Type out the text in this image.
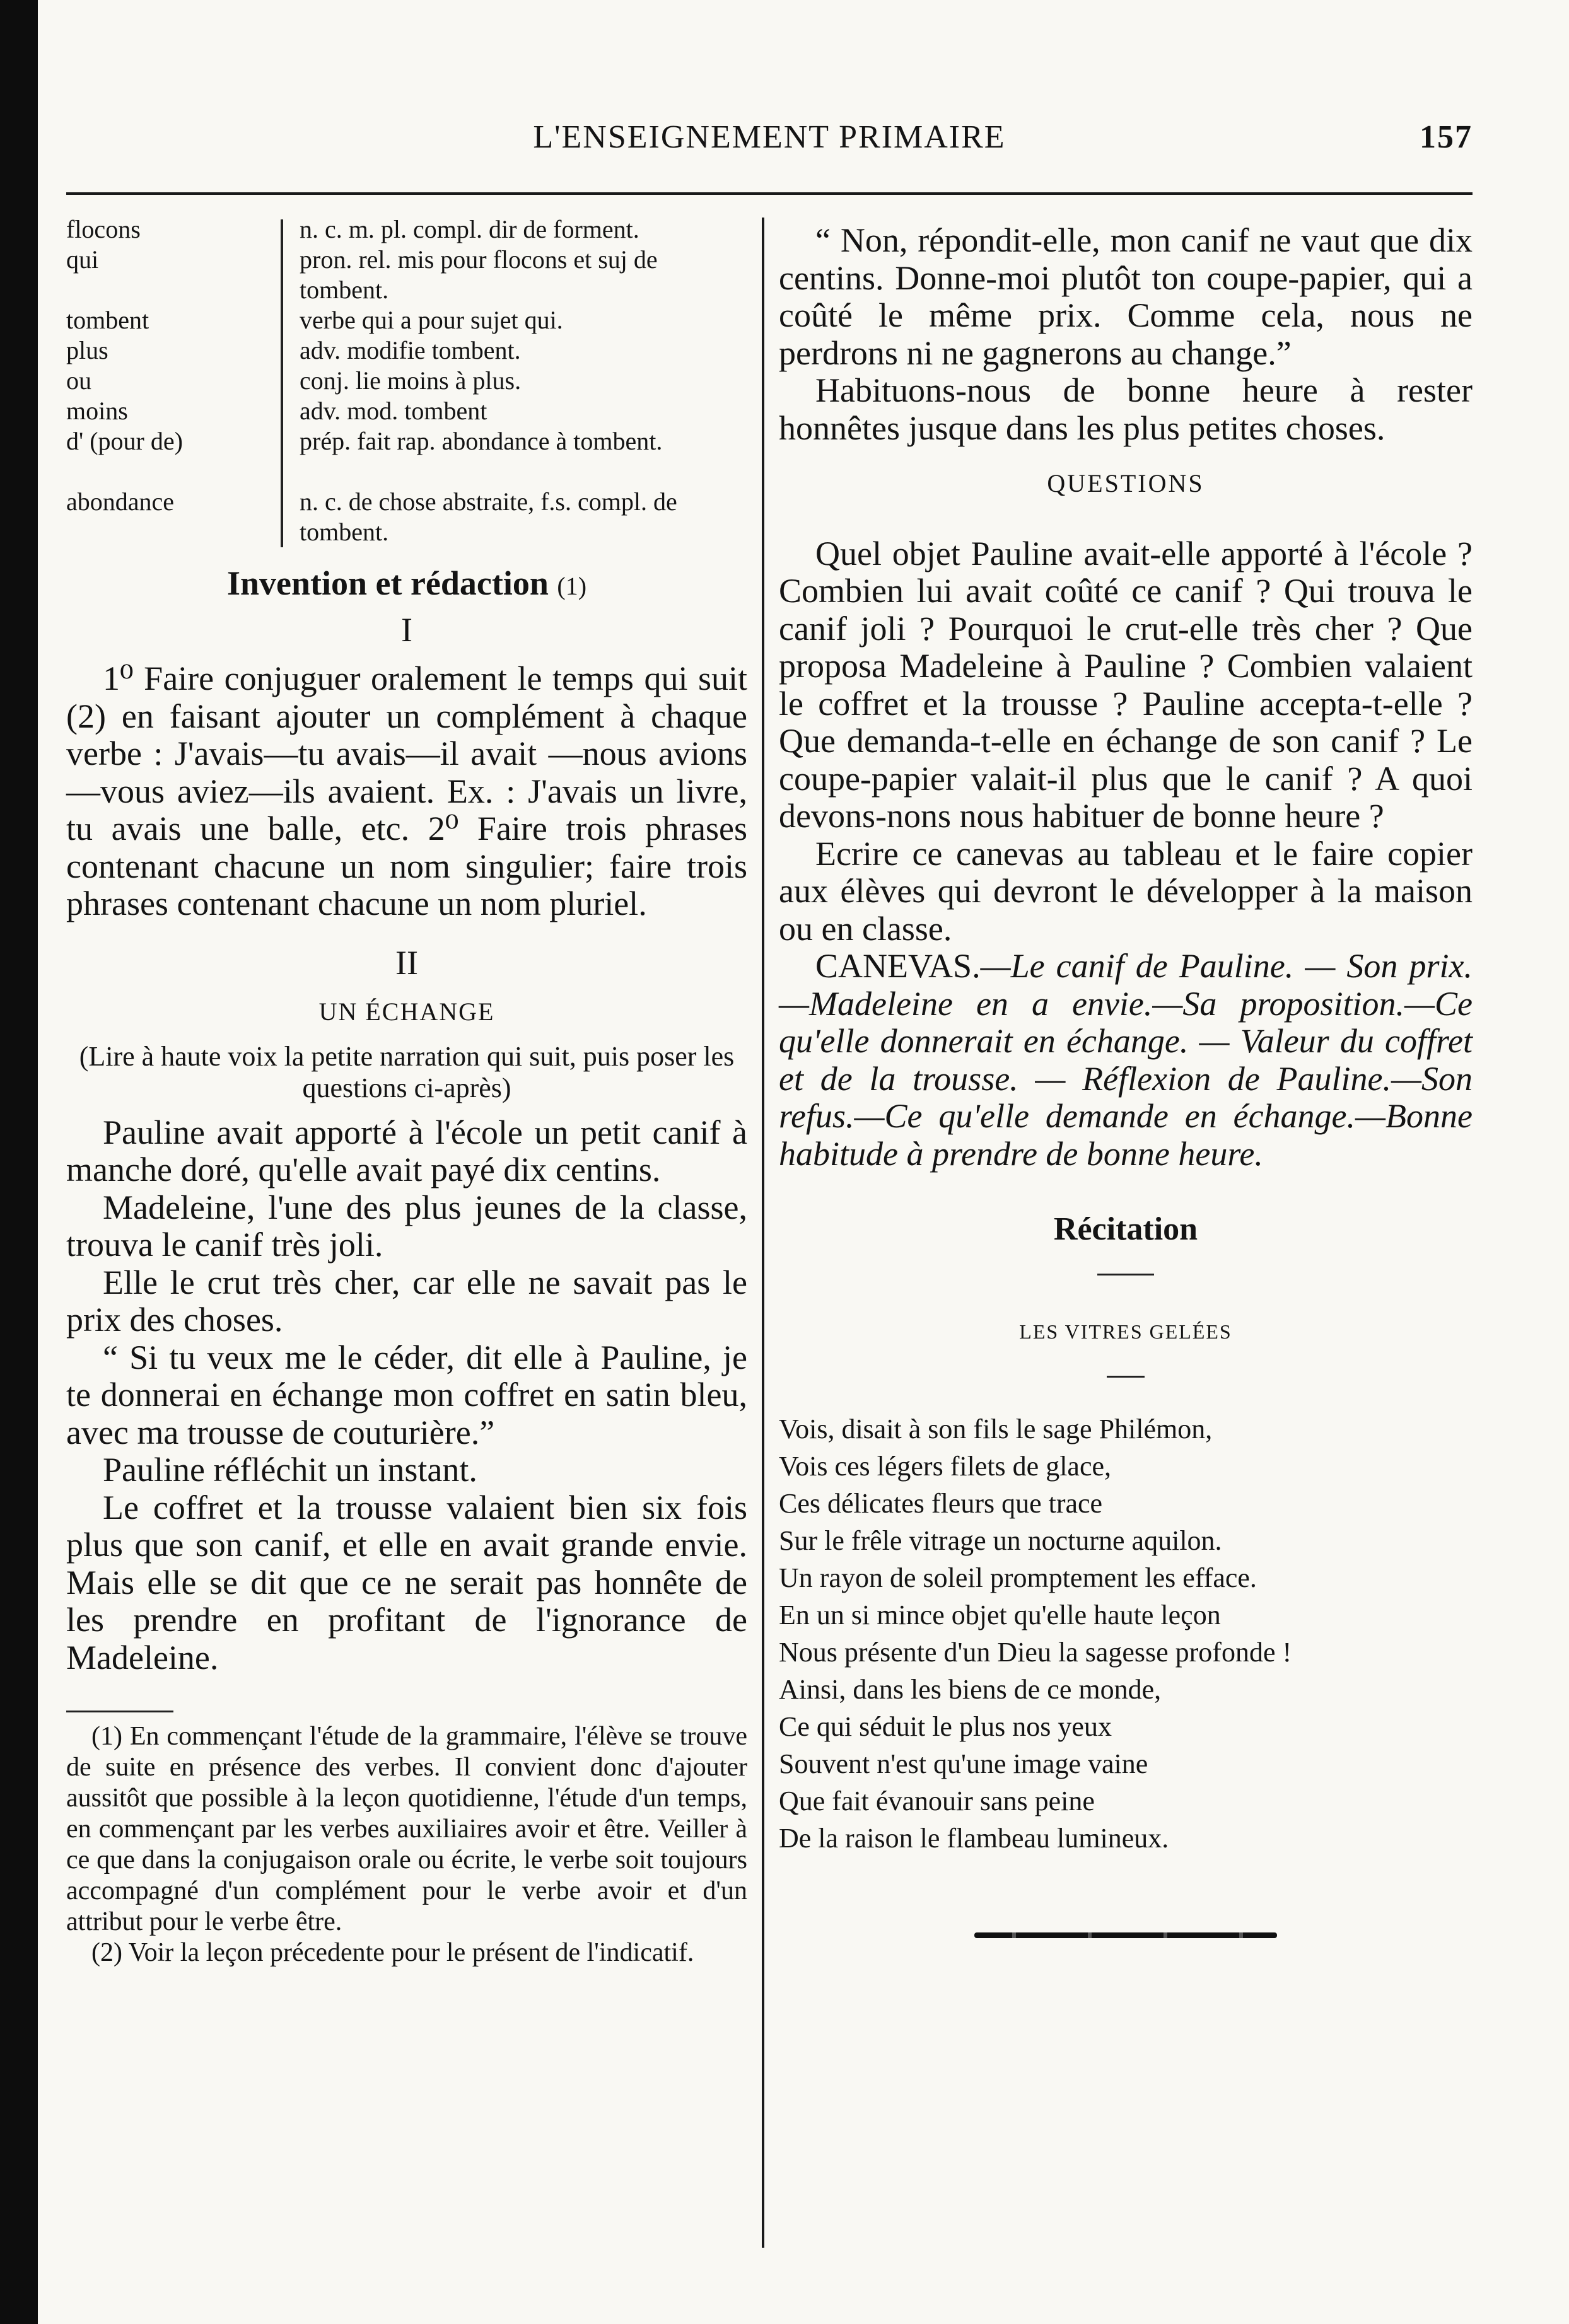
L'ENSEIGNEMENT PRIMAIRE	157
flocons	n. c. m. pl. compl. dir de forment.
qui	pron. rel. mis pour flocons et suj de tombent.
tombent	verbe qui a pour sujet qui.
plus	adv. modifie tombent.
ou	conj. lie moins à plus.
moins	adv. mod. tombent
d' (pour de)	prép. fait rap. abondance à tombent.
abondance	n. c. de chose abstraite, f.s. compl. de tombent.
Invention et rédaction (1)
I

1⁰ Faire conjuguer oralement le temps qui suit (2) en faisant ajouter un complément à chaque verbe : J'avais—tu avais—il avait —nous avions—vous aviez—ils avaient. Ex. : J'avais un livre, tu avais une balle, etc. 2⁰ Faire trois phrases contenant chacune un nom singulier; faire trois phrases contenant chacune un nom pluriel.

II
UN ÉCHANGE
(Lire à haute voix la petite narration qui suit, puis poser les questions ci-après)

Pauline avait apporté à l'école un petit canif à manche doré, qu'elle avait payé dix centins.

Madeleine, l'une des plus jeunes de la classe, trouva le canif très joli.

Elle le crut très cher, car elle ne savait pas le prix des choses.

“ Si tu veux me le céder, dit elle à Pauline, je te donnerai en échange mon coffret en satin bleu, avec ma trousse de couturière.”

Pauline réfléchit un instant.

Le coffret et la trousse valaient bien six fois plus que son canif, et elle en avait grande envie. Mais elle se dit que ce ne serait pas honnête de les prendre en profitant de l'ignorance de Madeleine.

(1) En commençant l'étude de la grammaire, l'élève se trouve de suite en présence des verbes. Il convient donc d'ajouter aussitôt que possible à la leçon quotidienne, l'étude d'un temps, en commençant par les verbes auxiliaires avoir et être. Veiller à ce que dans la conjugaison orale ou écrite, le verbe soit toujours accompagné d'un complément pour le verbe avoir et d'un attribut pour le verbe être.

(2) Voir la leçon précedente pour le présent de l'indicatif.

“ Non, répondit-elle, mon canif ne vaut que dix centins. Donne-moi plutôt ton coupe-papier, qui a coûté le même prix. Comme cela, nous ne perdrons ni ne gagnerons au change.”

Habituons-nous de bonne heure à rester honnêtes jusque dans les plus petites choses.

QUESTIONS

Quel objet Pauline avait-elle apporté à l'école ? Combien lui avait coûté ce canif ? Qui trouva le canif joli ? Pourquoi le crut-elle très cher ? Que proposa Madeleine à Pauline ? Combien valaient le coffret et la trousse ? Pauline accepta-t-elle ? Que demanda-t-elle en échange de son canif ? Le coupe-papier valait-il plus que le canif ? A quoi devons-nons nous habituer de bonne heure ?

Ecrire ce canevas au tableau et le faire copier aux élèves qui devront le développer à la maison ou en classe.

CANEVAS.—Le canif de Pauline. — Son prix.—Madeleine en a envie.—Sa proposition.—Ce qu'elle donnerait en échange. — Valeur du coffret et de la trousse. — Réflexion de Pauline.—Son refus.—Ce qu'elle demande en échange.—Bonne habitude à prendre de bonne heure.

Récitation
LES VITRES GELÉES
Vois, disait à son fils le sage Philémon,
Vois ces légers filets de glace,
Ces délicates fleurs que trace
Sur le frêle vitrage un nocturne aquilon.
Un rayon de soleil promptement les efface.
En un si mince objet qu'elle haute leçon
Nous présente d'un Dieu la sagesse profonde !
Ainsi, dans les biens de ce monde,
Ce qui séduit le plus nos yeux
Souvent n'est qu'une image vaine
Que fait évanouir sans peine
De la raison le flambeau lumineux.
